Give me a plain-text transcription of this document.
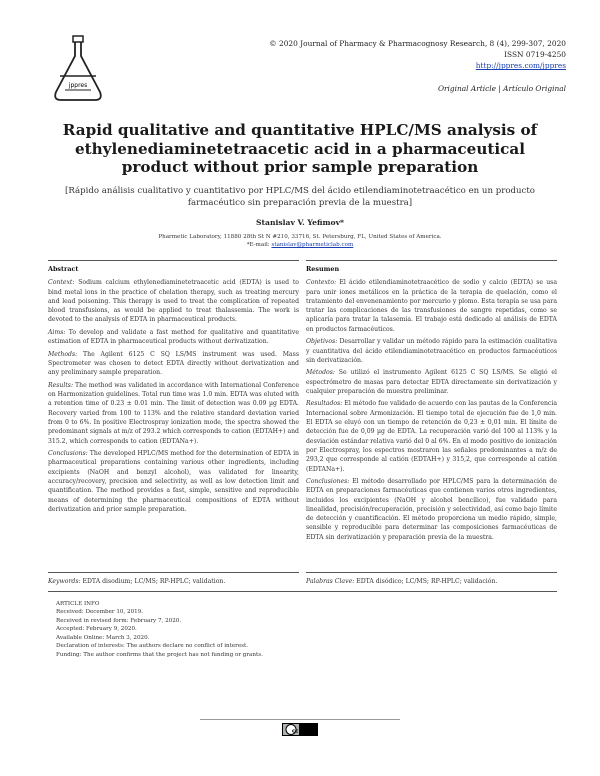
jppres
© 2020 Journal of Pharmacy & Pharmacognosy Research, 8 (4), 299-307, 2020
ISSN 0719-4250
http://jppres.com/jppres
Original Article | Artículo Original
Rapid qualitative and quantitative HPLC/MS analysis of ethylenediaminetetraacetic acid in a pharmaceutical product without prior sample preparation
[Rápido análisis cualitativo y cuantitativo por HPLC/MS del ácido etilendiaminotetraacético en un producto farmacéutico sin preparación previa de la muestra]
Stanislav V. Yefimov*
Pharmetic Laboratory, 11880 28th St N #210, 33716, St. Petersburg, FL, United States of America.
*E-mail: stanislav@pharmeticlab.com
Abstract

Context: Sodium calcium ethylenediaminetetraacetic acid (EDTA) is used to bind metal ions in the practice of chelation therapy, such as treating mercury and lead poisoning. This therapy is used to treat the complication of repeated blood transfusions, as would be applied to treat thalassemia. The work is devoted to the analysis of EDTA in pharmaceutical products.

Aims: To develop and validate a fast method for qualitative and quantitative estimation of EDTA in pharmaceutical products without derivatization.

Methods: The Agilent 6125 C SQ LS/MS instrument was used. Mass Spectrometer was chosen to detect EDTA directly without derivatization and any preliminary sample preparation.

Results: The method was validated in accordance with International Conference on Harmonization guidelines. Total run time was 1.0 min. EDTA was eluted with a retention time of 0.23 ± 0.01 min. The limit of detection was 0.09 µg EDTA. Recovery varied from 100 to 113% and the relative standard deviation varied from 0 to 6%. In positive Electrospray ionization mode, the spectra showed the predominant signals at m/z of 293.2 which corresponds to cation (EDTAH+) and 315.2, which corresponds to cation (EDTANa+).

Conclusions: The developed HPLC/MS method for the determination of EDTA in pharmaceutical preparations containing various other ingredients, including excipients (NaOH and benzyl alcohol), was validated for linearity, accuracy/recovery, precision and selectivity, as well as low detection limit and quantification. The method provides a fast, simple, sensitive and reproducible means of determining the pharmaceutical compositions of EDTA without derivatization and prior sample preparation.

Resumen

Contexto: El ácido etilendiaminotetraacético de sodio y calcio (EDTA) se usa para unir iones metálicos en la práctica de la terapia de quelación, como el tratamiento del envenenamiento por mercurio y plomo. Esta terapia se usa para tratar las complicaciones de las transfusiones de sangre repetidas, como se aplicaría para tratar la talasemia. El trabajo está dedicado al análisis de EDTA en productos farmacéuticos.

Objetivos: Desarrollar y validar un método rápido para la estimación cualitativa y cuantitativa del ácido etilendiaminotetraacético en productos farmacéuticos sin derivatización.

Métodos: Se utilizó el instrumento Agilent 6125 C SQ LS/MS. Se eligió el espectrómetro de masas para detectar EDTA directamente sin derivatización y cualquier preparación de muestra preliminar.

Resultados: El método fue validado de acuerdo con las pautas de la Conferencia Internacional sobre Armonización. El tiempo total de ejecución fue de 1,0 min. El EDTA se eluyó con un tiempo de retención de 0,23 ± 0,01 min. El límite de detección fue de 0,09 µg de EDTA. La recuperación varió del 100 al 113% y la desviación estándar relativa varió del 0 al 6%. En el modo positivo de ionización por Electrospray, los espectros mostraron las señales predominantes a m/z de 293,2 que corresponde al catión (EDTAH+) y 315,2, que corresponde al catión (EDTANa+).

Conclusiones: El método desarrollado por HPLC/MS para la determinación de EDTA en preparaciones farmacéuticas que contienen varios otros ingredientes, incluidos los excipientes (NaOH y alcohol bencílico), fue validado para linealidad, precisión/recuperación, precisión y selectividad, así como bajo límite de detección y cuantificación. El método proporciona un medio rápido, simple, sensible y reproducible para determinar las composiciones farmacéuticas de EDTA sin derivatización y preparación previa de la muestra.

Keywords: EDTA disodium; LC/MS; RP-HPLC; validation.	Palabras Clave: EDTA disódico; LC/MS; RP-HPLC; validación.
ARTICLE INFO
Received: December 10, 2019.
Received in revised form: February 7, 2020.
Accepted: February 9, 2020.
Available Online: March 3, 2020.
Declaration of interests: The authors declare no conflict of interest.
Funding: The author confirms that the project has not funding or grants.
cc BY
